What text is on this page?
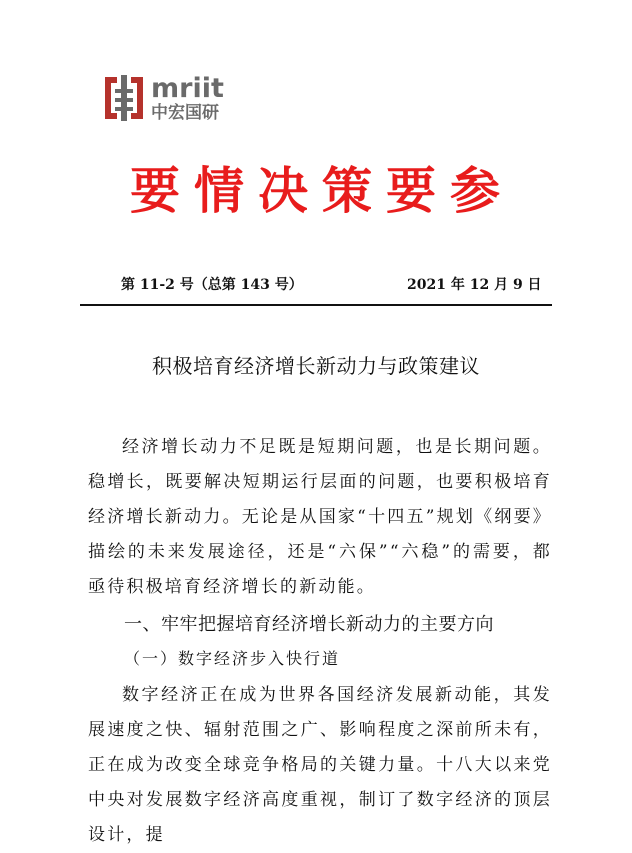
mriit
中宏国研
要情决策要参
第 11-2 号（总第 143 号）	2021 年 12 月 9 日
积极培育经济增长新动力与政策建议
经济增长动力不足既是短期问题，也是长期问题。稳增长，既要解决短期运行层面的问题，也要积极培育经济增长新动力。无论是从国家“十四五”规划《纲要》描绘的未来发展途径，还是“六保”“六稳”的需要，都亟待积极培育经济增长的新动能。
一、牢牢把握培育经济增长新动力的主要方向
（一）数字经济步入快行道
数字经济正在成为世界各国经济发展新动能，其发展速度之快、辐射范围之广、影响程度之深前所未有，正在成为改变全球竞争格局的关键力量。十八大以来党中央对发展数字经济高度重视，制订了数字经济的顶层设计，提
